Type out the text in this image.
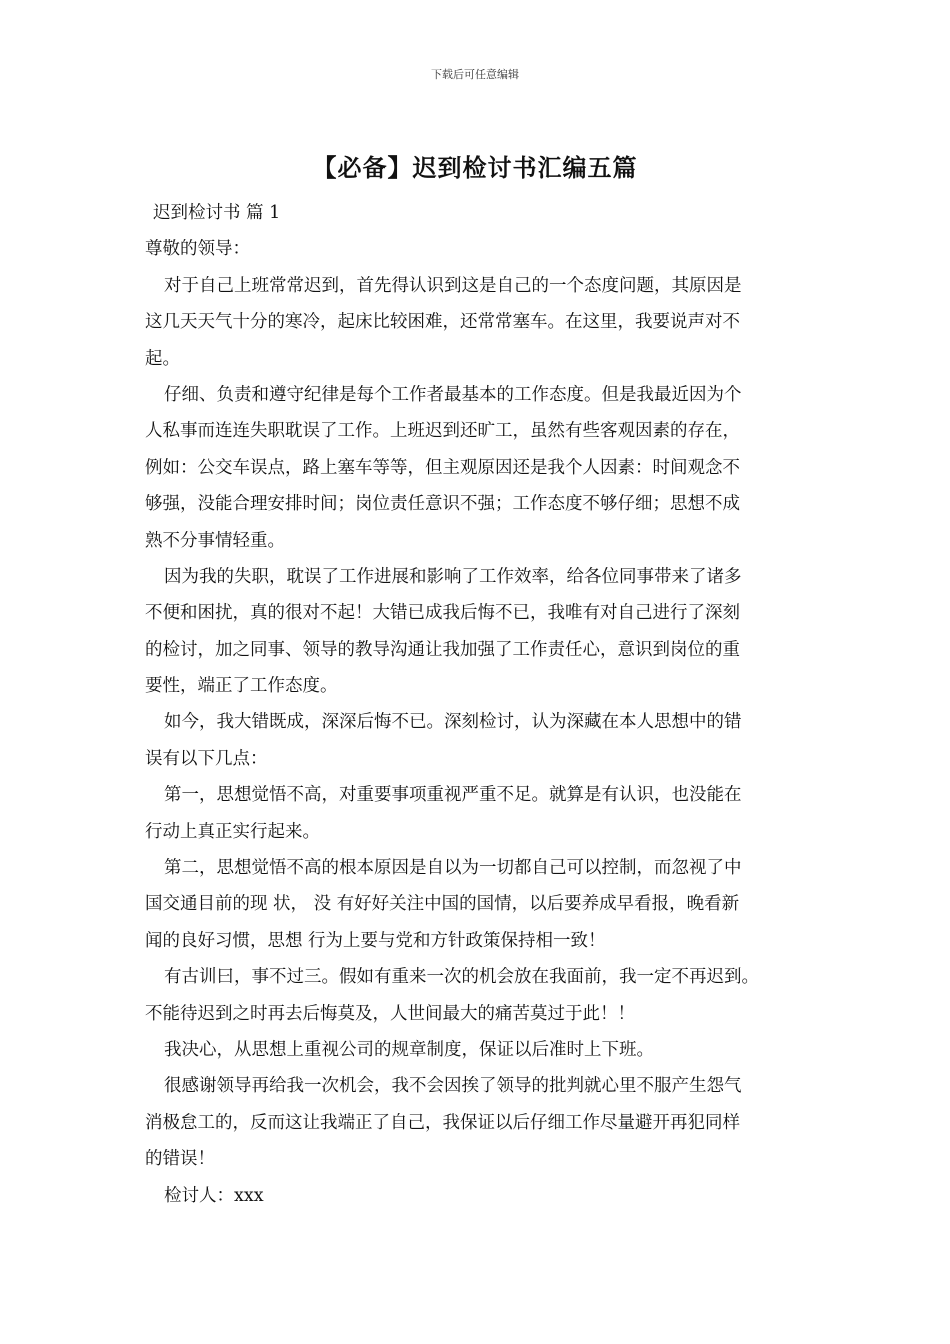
下载后可任意编辑
【必备】迟到检讨书汇编五篇
迟到检讨书 篇 1
尊敬的领导：
对于自己上班常常迟到，首先得认识到这是自己的一个态度问题，其原因是
这几天天气十分的寒冷，起床比较困难，还常常塞车。在这里，我要说声对不
起。
仔细、负责和遵守纪律是每个工作者最基本的工作态度。但是我最近因为个
人私事而连连失职耽误了工作。上班迟到还旷工，虽然有些客观因素的存在，
例如：公交车误点，路上塞车等等，但主观原因还是我个人因素：时间观念不
够强，没能合理安排时间；岗位责任意识不强；工作态度不够仔细；思想不成
熟不分事情轻重。
因为我的失职，耽误了工作进展和影响了工作效率，给各位同事带来了诸多
不便和困扰，真的很对不起！大错已成我后悔不已，我唯有对自己进行了深刻
的检讨，加之同事、领导的教导沟通让我加强了工作责任心，意识到岗位的重
要性，端正了工作态度。
如今，我大错既成，深深后悔不已。深刻检讨，认为深藏在本人思想中的错
误有以下几点：
第一，思想觉悟不高，对重要事项重视严重不足。就算是有认识，也没能在
行动上真正实行起来。
第二，思想觉悟不高的根本原因是自以为一切都自己可以控制，而忽视了中
国交通目前的现 状， 没 有好好关注中国的国情，以后要养成早看报，晚看新
闻的良好习惯，思想 行为上要与党和方针政策保持相一致！
有古训曰，事不过三。假如有重来一次的机会放在我面前，我一定不再迟到。
不能待迟到之时再去后悔莫及，人世间最大的痛苦莫过于此！！
我决心，从思想上重视公司的规章制度，保证以后准时上下班。
很感谢领导再给我一次机会，我不会因挨了领导的批判就心里不服产生怨气
消极怠工的，反而这让我端正了自己，我保证以后仔细工作尽量避开再犯同样
的错误！
检讨人：xxx
